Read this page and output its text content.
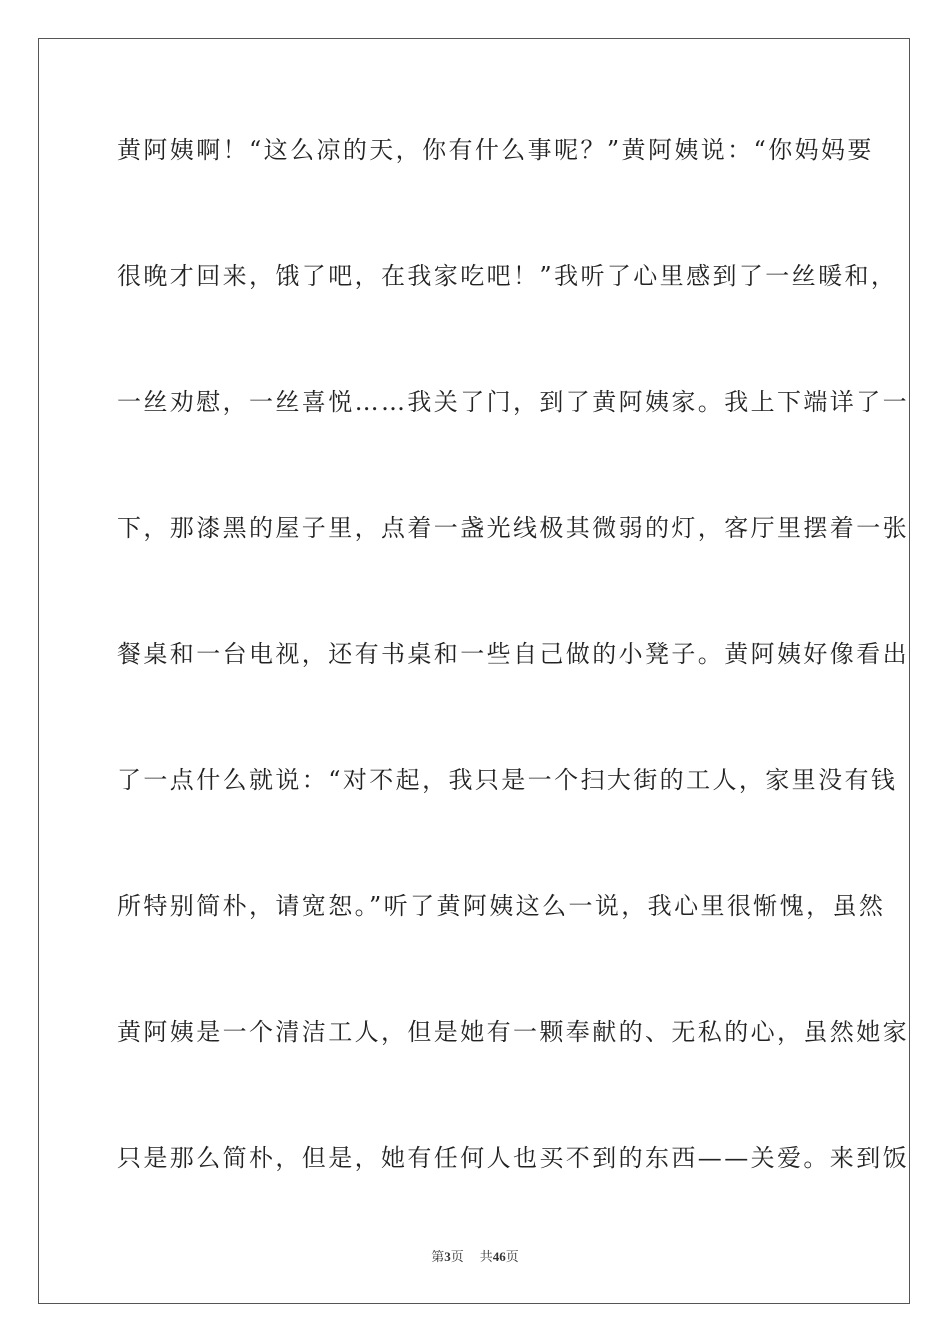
黄阿姨啊！“这么凉的天，你有什么事呢？”黄阿姨说：“你妈妈要
很晚才回来，饿了吧，在我家吃吧！”我听了心里感到了一丝暖和，
一丝劝慰，一丝喜悦……我关了门，到了黄阿姨家。我上下端详了一
下，那漆黑的屋子里，点着一盏光线极其微弱的灯，客厅里摆着一张
餐桌和一台电视，还有书桌和一些自己做的小凳子。黄阿姨好像看出
了一点什么就说：“对不起，我只是一个扫大街的工人，家里没有钱
所特别简朴，请宽恕。”听了黄阿姨这么一说，我心里很惭愧，虽然
黄阿姨是一个清洁工人，但是她有一颗奉献的、无私的心，虽然她家
只是那么简朴，但是，她有任何人也买不到的东西——关爱。来到饭
第3页 共46页
